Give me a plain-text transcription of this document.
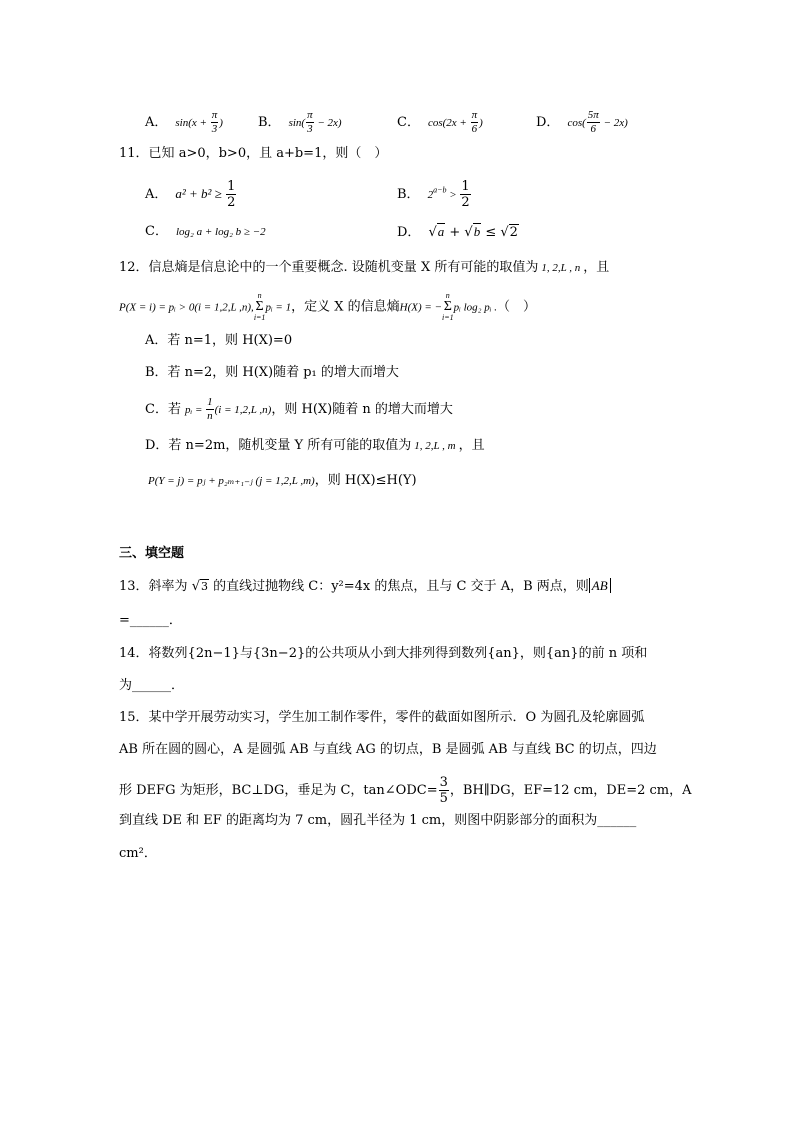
A． $\sin(x + \frac{\pi}{3}$ )	B． $\sin( \frac{\pi}{3} - 2x)$	C． $\cos(2x + \frac{\pi}{6}$ )	D． $\cos( \frac{5\pi}{6} - 2x)$
11．已知 a>0，b>0，且 a+b=1，则（　）
A． $a^2 + b^2 \ge \frac{1}{2}$	B． $2^{a-b} > \frac{1}{2}$
C． log₂ a + log₂ b ≥ −2	D． √a + √b ≤ √2
12．信息熵是信息论中的一个重要概念. 设随机变量 X 所有可能的取值为 1, 2,L , n ，且
P(X = i) = pᵢ > 0(i = 1,2,L ,n),n
Σ
i=1pᵢ = 1，定义 X 的信息熵H(X) = −n
Σ
i=1pᵢ log₂ pᵢ .（　）
A．若 n=1，则 H(X)=0
B．若 n=2，则 H(X)随着 p₁ 的增大而增大
C．若 pᵢ = $\frac{1}{n} (i = 1,2,L$ ,n)，则 H(X)随着 n 的增大而增大
D．若 n=2m，随机变量 Y 所有可能的取值为 1, 2,L , m ，且
P(Y = j) = pⱼ + p₂ₘ₊₁₋ⱼ (j = 1,2,L ,m)，则 H(X)≤H(Y)
三、填空题
13．斜率为 √3 的直线过抛物线 C：y²=4x 的焦点，且与 C 交于 A，B 两点，则 AB
=______．
14．将数列{2n−1}与{3n−2}的公共项从小到大排列得到数列{an}，则{an}的前 n 项和
为______．
15．某中学开展劳动实习，学生加工制作零件，零件的截面如图所示．O 为圆孔及轮廓圆弧
AB 所在圆的圆心，A 是圆弧 AB 与直线 AG 的切点，B 是圆弧 AB 与直线 BC 的切点，四边
形 DEFG 为矩形，BC⊥DG，垂足为 C，tan∠ODC= $\frac{3}{5}$ ，BH∥DG，EF=12 cm，DE=2 cm，A
到直线 DE 和 EF 的距离均为 7 cm，圆孔半径为 1 cm，则图中阴影部分的面积为______
cm²．
